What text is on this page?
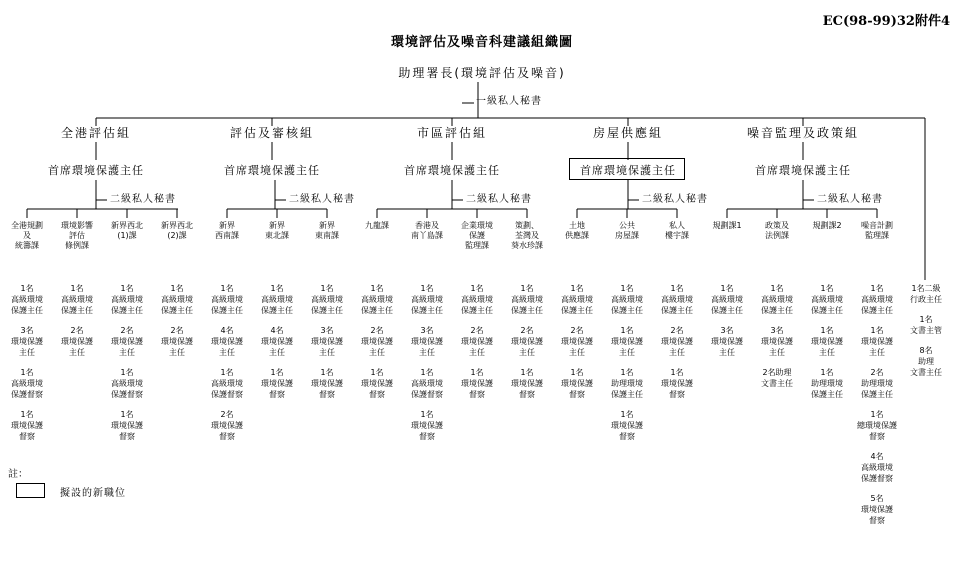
EC(98-99)32附件4
環境評估及噪音科建議組織圖
助理署長(環境評估及噪音)
一級私人秘書
全港評估組
首席環境保護主任
二級私人秘書
評估及審核組
首席環境保護主任
二級私人秘書
市區評估組
首席環境保護主任
二級私人秘書
房屋供應組
首席環境保護主任
二級私人秘書
噪音監理及政策組
首席環境保護主任
二級私人秘書
全港規劃
及
統籌課
環境影響
評估
條例課
新界西北
(1)課
新界西北
(2)課
新界
西南課
新界
東北課
新界
東南課
九龍課	香港及
南丫島課
企業環境
保護
監理課
策劃、
荃灣及
葵水珍課
土地
供應課
公共
房屋課
私人
樓宇課
規劃課1	政策及
法例課
規劃課2	噪音計劃
監理課
1名
高級環境
保護主任
3名
環境保護
主任
1名
高級環境
保護督察
1名
環境保護
督察
1名
高級環境
保護主任
2名
環境保護
主任
1名
高級環境
保護主任
2名
環境保護
主任
1名
高級環境
保護督察
1名
環境保護
督察
1名
高級環境
保護主任
2名
環境保護
主任
1名
高級環境
保護主任
4名
環境保護
主任
1名
高級環境
保護督察
2名
環境保護
督察
1名
高級環境
保護主任
4名
環境保護
主任
1名
環境保護
督察
1名
高級環境
保護主任
3名
環境保護
主任
1名
環境保護
督察
1名
高級環境
保護主任
2名
環境保護
主任
1名
環境保護
督察
1名
高級環境
保護主任
3名
環境保護
主任
1名
高級環境
保護督察
1名
環境保護
督察
1名
高級環境
保護主任
2名
環境保護
主任
1名
環境保護
督察
1名
高級環境
保護主任
2名
環境保護
主任
1名
環境保護
督察
1名
高級環境
保護主任
2名
環境保護
主任
1名
環境保護
督察
1名
高級環境
保護主任
1名
環境保護
主任
1名
助理環境
保護主任
1名
環境保護
督察
1名
高級環境
保護主任
2名
環境保護
主任
1名
環境保護
督察
1名
高級環境
保護主任
3名
環境保護
主任
1名
高級環境
保護主任
3名
環境保護
主任
2名助理
文書主任
1名
高級環境
保護主任
1名
環境保護
主任
1名
助理環境
保護主任
1名
高級環境
保護主任
1名
環境保護
主任
2名
助理環境
保護主任
1名
總環境保護
督察
4名
高級環境
保護督察
5名
環境保護
督察
1名二級
行政主任
1名
文書主管
8名
助理
文書主任
註：
擬設的新職位
